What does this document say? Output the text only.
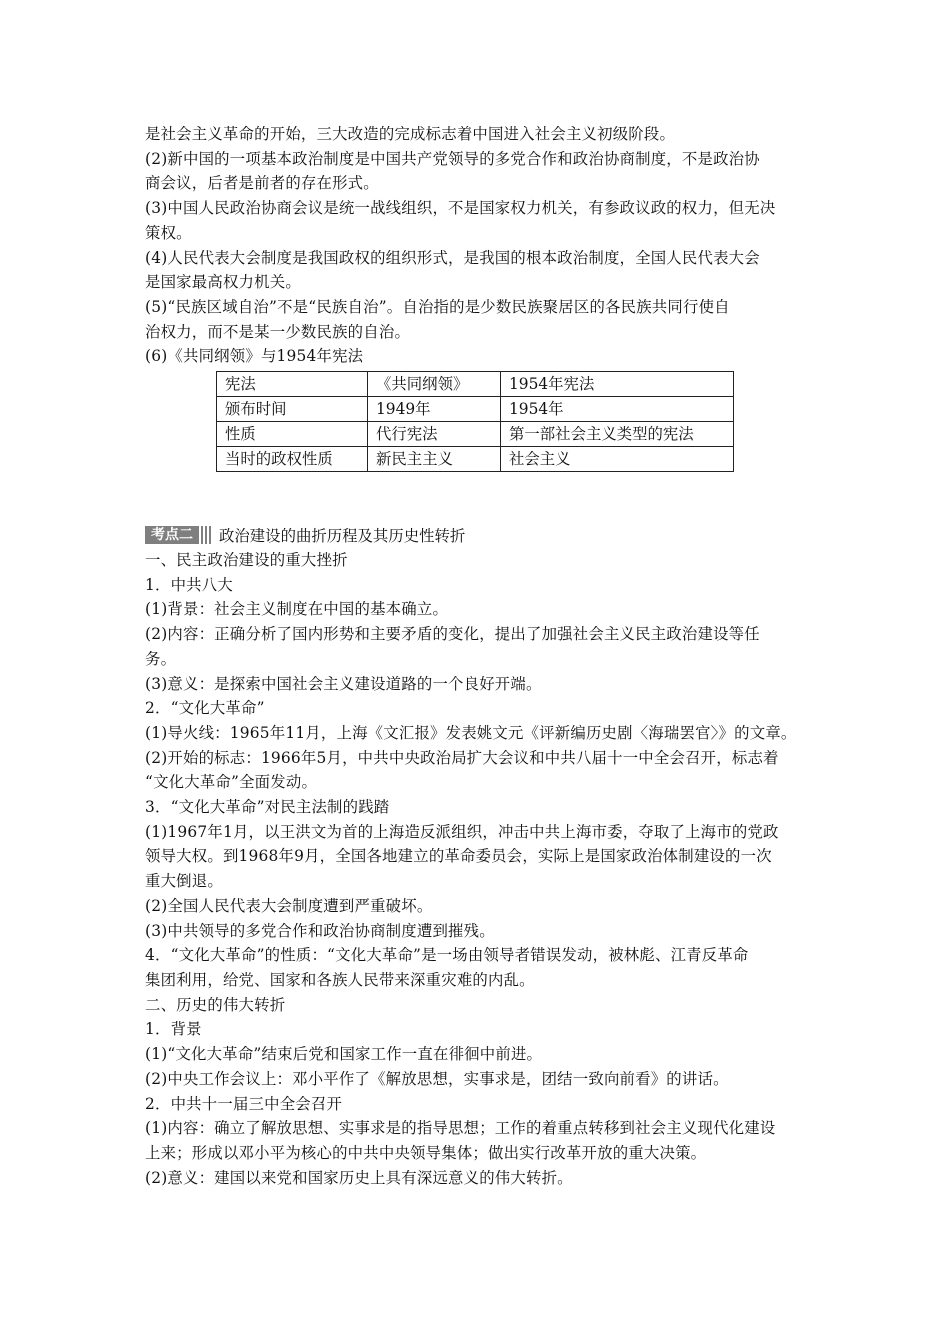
是社会主义革命的开始，三大改造的完成标志着中国进入社会主义初级阶段。

(2)新中国的一项基本政治制度是中国共产党领导的多党合作和政治协商制度，不是政治协

商会议，后者是前者的存在形式。

(3)中国人民政治协商会议是统一战线组织，不是国家权力机关，有参政议政的权力，但无决

策权。

(4)人民代表大会制度是我国政权的组织形式，是我国的根本政治制度，全国人民代表大会

是国家最高权力机关。

(5)“民族区域自治”不是“民族自治”。自治指的是少数民族聚居区的各民族共同行使自

治权力，而不是某一少数民族的自治。

(6)《共同纲领》与1954年宪法

宪法	《共同纲领》	1954年宪法
颁布时间	1949年	1954年
性质	代行宪法	第一部社会主义类型的宪法
当时的政权性质	新民主主义	社会主义
考点二	政治建设的曲折历程及其历史性转折

一、民主政治建设的重大挫折

1．中共八大

(1)背景：社会主义制度在中国的基本确立。

(2)内容：正确分析了国内形势和主要矛盾的变化，提出了加强社会主义民主政治建设等任

务。

(3)意义：是探索中国社会主义建设道路的一个良好开端。

2．“文化大革命”

(1)导火线：1965年11月，上海《文汇报》发表姚文元《评新编历史剧〈海瑞罢官〉》的文章。

(2)开始的标志：1966年5月，中共中央政治局扩大会议和中共八届十一中全会召开，标志着

“文化大革命”全面发动。

3．“文化大革命”对民主法制的践踏

(1)1967年1月，以王洪文为首的上海造反派组织，冲击中共上海市委，夺取了上海市的党政

领导大权。到1968年9月，全国各地建立的革命委员会，实际上是国家政治体制建设的一次

重大倒退。

(2)全国人民代表大会制度遭到严重破坏。

(3)中共领导的多党合作和政治协商制度遭到摧残。

4．“文化大革命”的性质：“文化大革命”是一场由领导者错误发动，被林彪、江青反革命

集团利用，给党、国家和各族人民带来深重灾难的内乱。

二、历史的伟大转折

1．背景

(1)“文化大革命”结束后党和国家工作一直在徘徊中前进。

(2)中央工作会议上：邓小平作了《解放思想，实事求是，团结一致向前看》的讲话。

2．中共十一届三中全会召开

(1)内容：确立了解放思想、实事求是的指导思想；工作的着重点转移到社会主义现代化建设

上来；形成以邓小平为核心的中共中央领导集体；做出实行改革开放的重大决策。

(2)意义：建国以来党和国家历史上具有深远意义的伟大转折。
